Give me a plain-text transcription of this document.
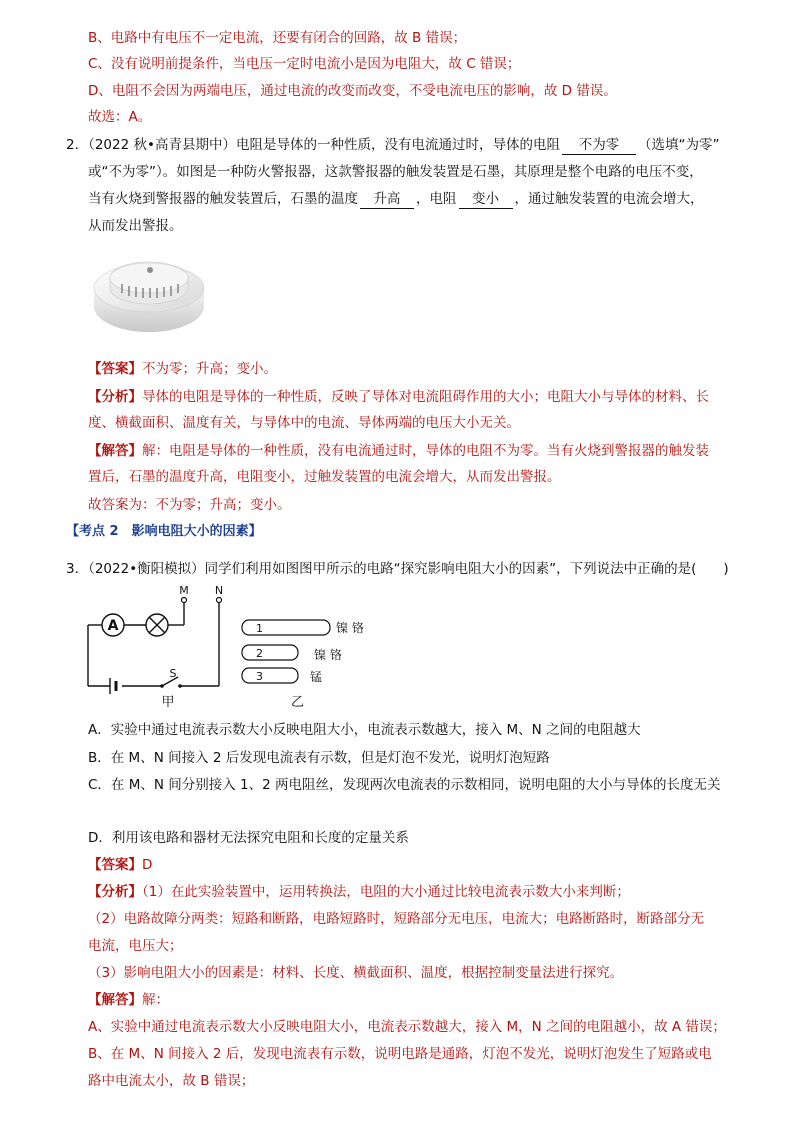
B、电路中有电压不一定电流，还要有闭合的回路，故 B 错误；
C、没有说明前提条件，当电压一定时电流小是因为电阻大，故 C 错误；
D、电阻不会因为两端电压，通过电流的改变而改变，不受电流电压的影响，故 D 错误。
故选：A。
2．（2022 秋•高青县期中）电阻是导体的一种性质，没有电流通过时，导体的电阻 不为零 （选填“为零”
或“不为零”）。如图是一种防火警报器，这款警报器的触发装置是石墨，其原理是整个电路的电压不变，
当有火烧到警报器的触发装置后，石墨的温度 升高 ，电阻 变小 ，通过触发装置的电流会增大，
从而发出警报。
【答案】不为零；升高；变小。
【分析】导体的电阻是导体的一种性质，反映了导体对电流阻碍作用的大小；电阻大小与导体的材料、长
度、横截面积、温度有关，与导体中的电流、导体两端的电压大小无关。
【解答】解：电阻是导体的一种性质，没有电流通过时，导体的电阻不为零。当有火烧到警报器的触发装
置后，石墨的温度升高，电阻变小，过触发装置的电流会增大，从而发出警报。
故答案为：不为零；升高；变小。
【考点 2　影响电阻大小的因素】
3．（2022•衡阳模拟）同学们利用如图图甲所示的电路“探究影响电阻大小的因素”，下列说法中正确的是(　　)
A
M N
S
甲
1
2
3
镍 铬
镍 铬
锰
乙
A．实验中通过电流表示数大小反映电阻大小，电流表示数越大，接入 M、N 之间的电阻越大
B．在 M、N 间接入 2 后发现电流表有示数，但是灯泡不发光，说明灯泡短路
C．在 M、N 间分别接入 1、2 两电阻丝，发现两次电流表的示数相同，说明电阻的大小与导体的长度无关
D．利用该电路和器材无法探究电阻和长度的定量关系
【答案】D
【分析】（1）在此实验装置中，运用转换法，电阻的大小通过比较电流表示数大小来判断；
（2）电路故障分两类：短路和断路，电路短路时，短路部分无电压，电流大；电路断路时，断路部分无
电流，电压大；
（3）影响电阻大小的因素是：材料、长度、横截面积、温度，根据控制变量法进行探究。
【解答】解：
A、实验中通过电流表示数大小反映电阻大小，电流表示数越大，接入 M，N 之间的电阻越小，故 A 错误；
B、在 M、N 间接入 2 后，发现电流表有示数，说明电路是通路，灯泡不发光，说明灯泡发生了短路或电
路中电流太小，故 B 错误；
